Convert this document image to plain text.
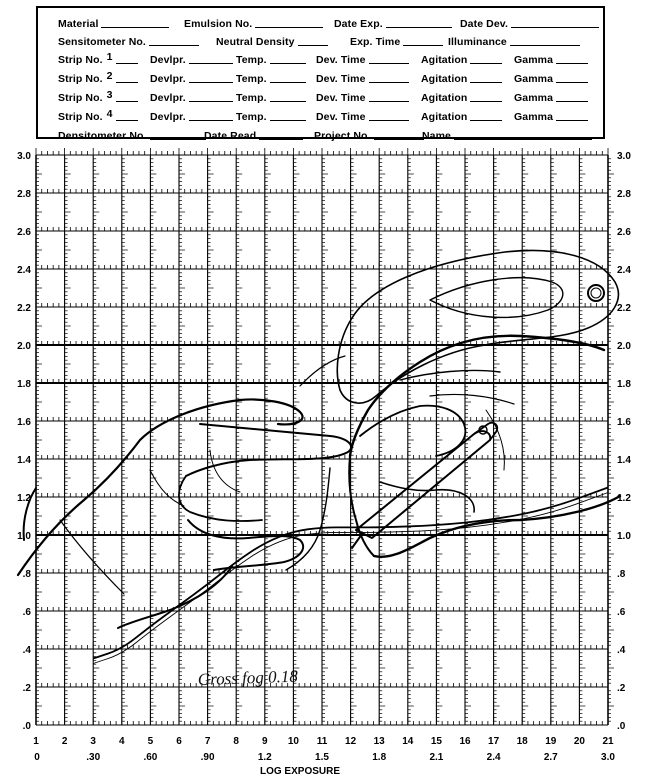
Material	Emulsion No.	Date Exp.	Date Dev.
Sensitometer No.	Neutral Density	Exp. Time	Illuminance
Strip No. 1	Devlpr.	Temp.	Dev. Time	Agitation	Gamma
Strip No. 2	Devlpr.	Temp.	Dev. Time	Agitation	Gamma
Strip No. 3	Devlpr.	Temp.	Dev. Time	Agitation	Gamma
Strip No. 4	Devlpr.	Temp.	Dev. Time	Agitation	Gamma
Densitometer No.	Date Read	Project No.	Name
.0	.0
.2	.2
.4	.4
.6	.6
.8	.8
1.0	1.0
1.2	1.2
1.4	1.4
1.6	1.6
1.8	1.8
2.0	2.0
2.2	2.2
2.4	2.4
2.6	2.6
2.8	2.8
3.0	3.0
1 2 3 4 5 6 7 8 9 10 11 12 13 14 15 16 17 18 19 20 21
0	.30	.60	.90	1.2	1.5	1.8	2.1	2.4	2.7	3.0
LOG EXPOSURE
Gross fog 0.18
